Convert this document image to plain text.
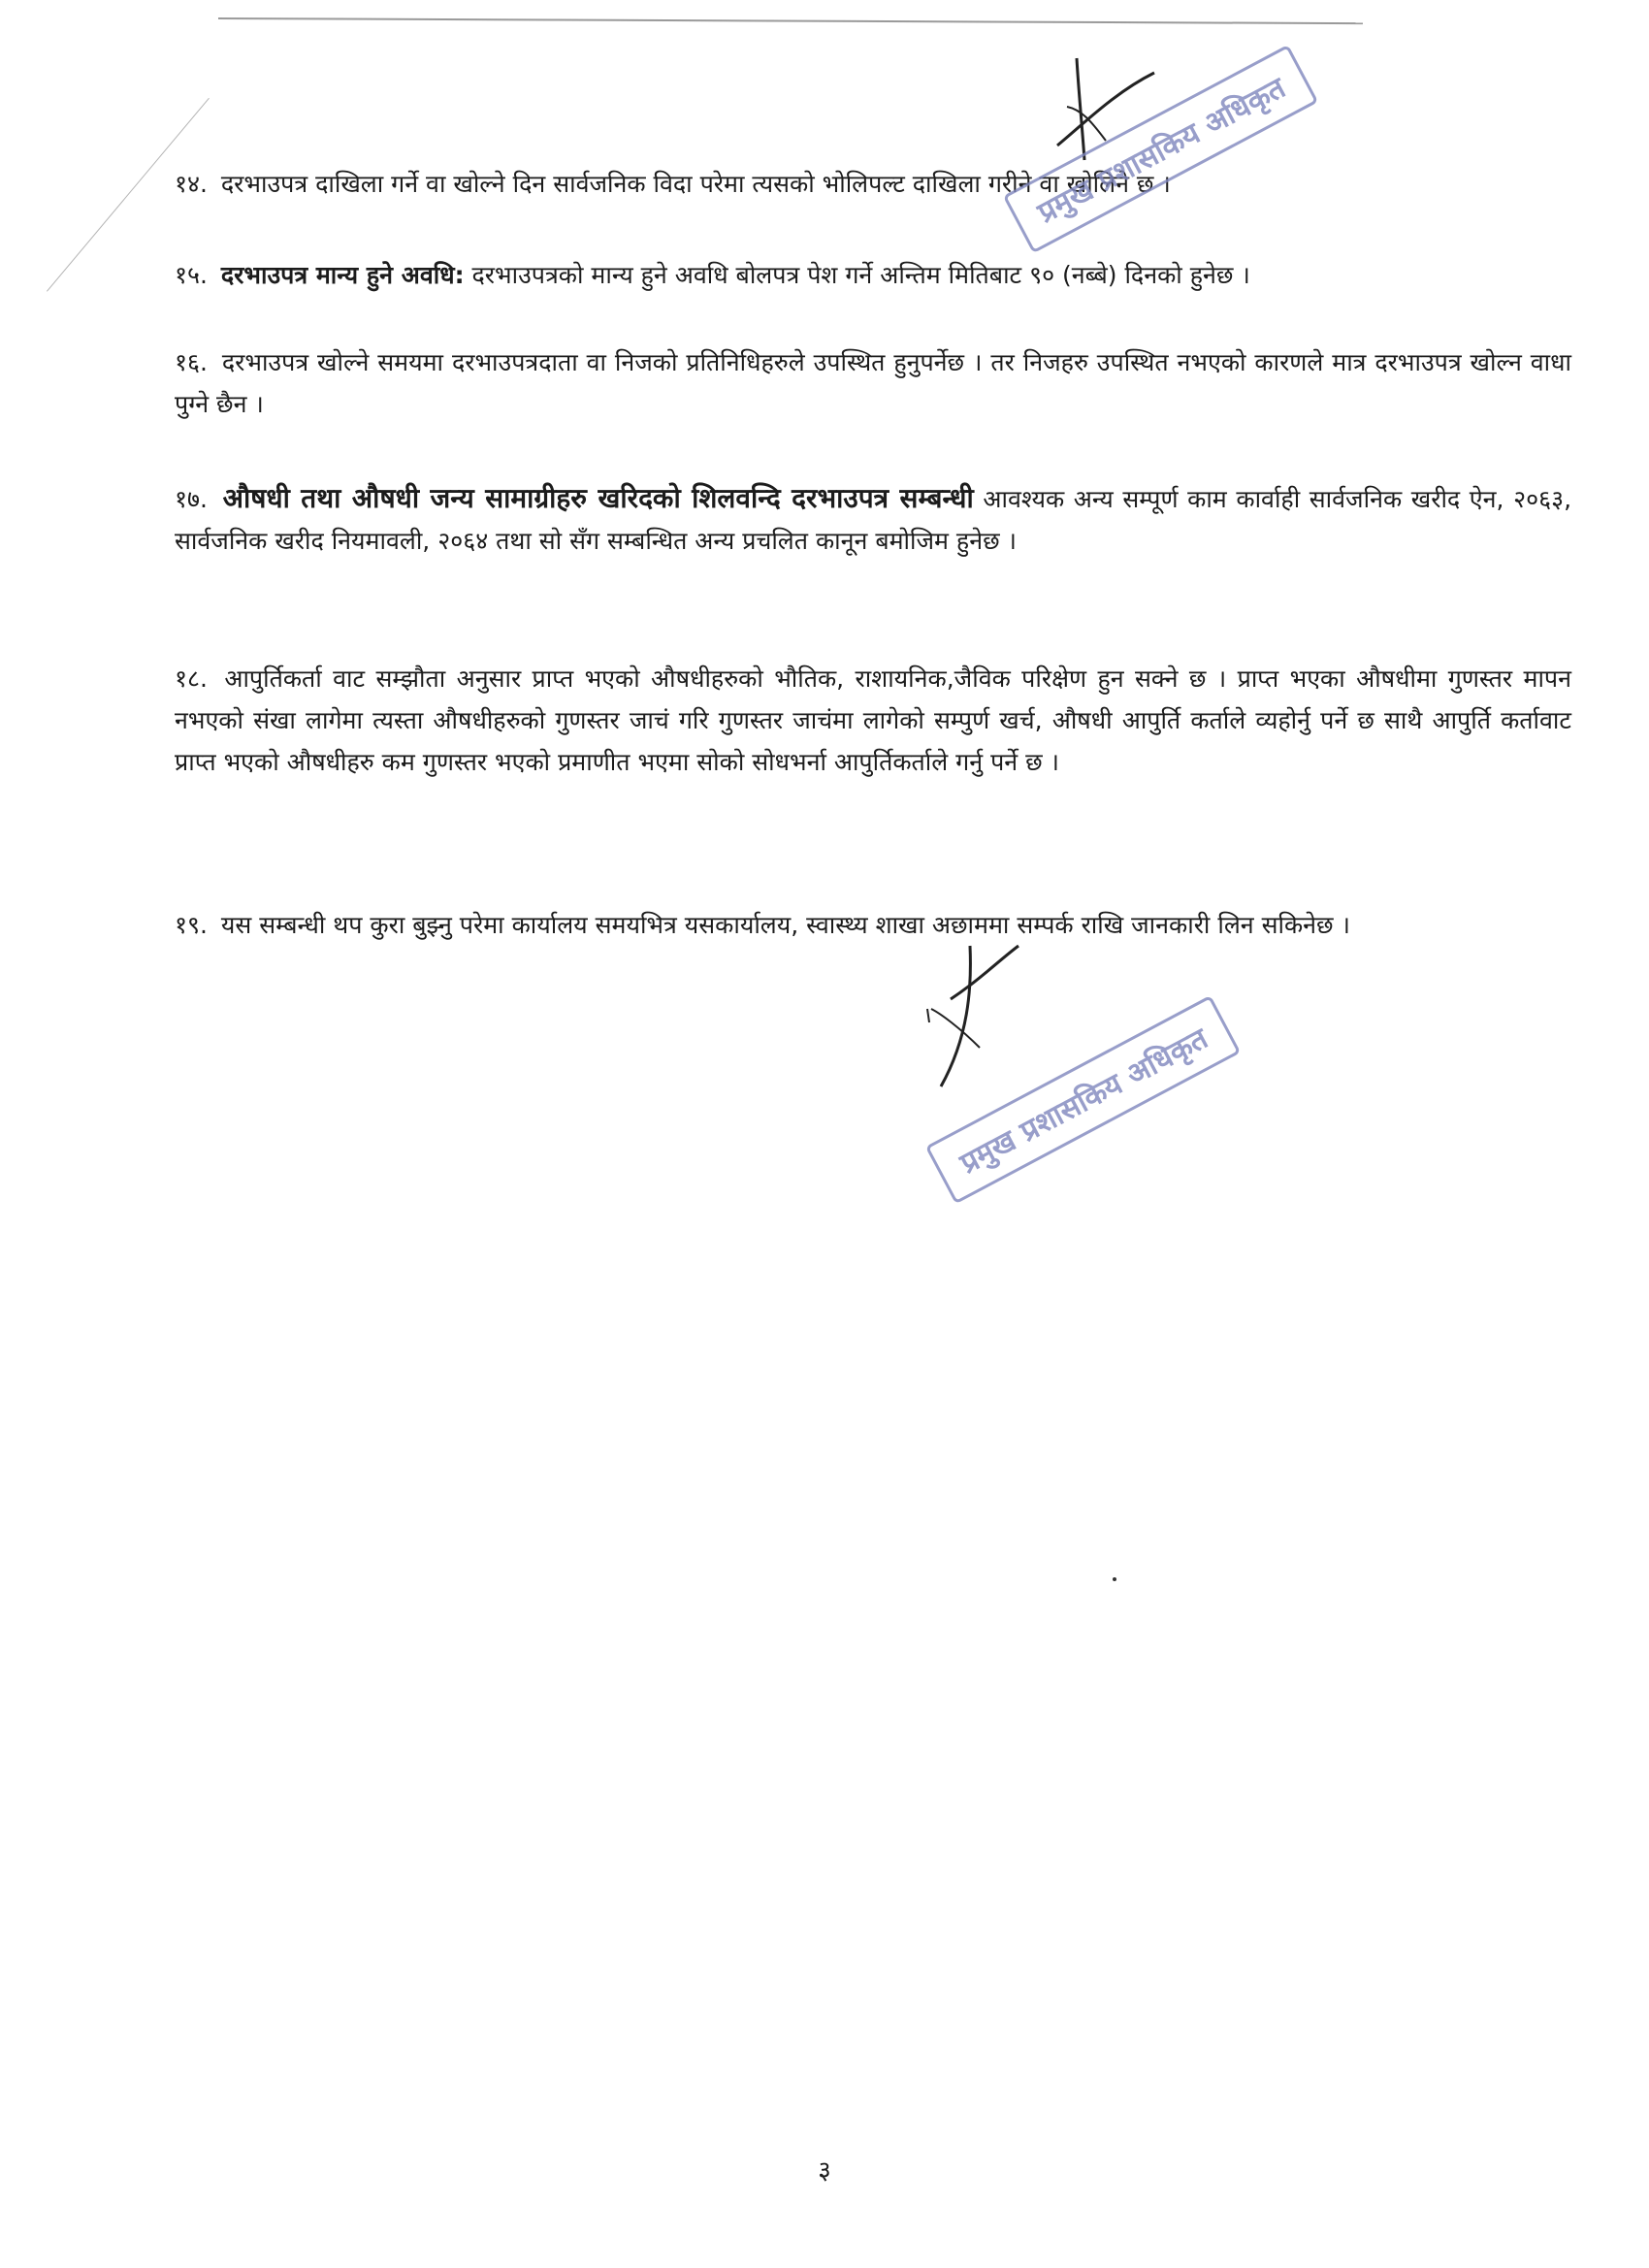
१४. दरभाउपत्र दाखिला गर्ने वा खोल्ने दिन सार्वजनिक विदा परेमा त्यसको भोलिपल्ट दाखिला गरीने वा खोलिने छ ।
१५. दरभाउपत्र मान्य हुने अवधि: दरभाउपत्रको मान्य हुने अवधि बोलपत्र पेश गर्ने अन्तिम मितिबाट ९० (नब्बे) दिनको हुनेछ ।
१६. दरभाउपत्र खोल्ने समयमा दरभाउपत्रदाता वा निजको प्रतिनिधिहरुले उपस्थित हुनुपर्नेछ । तर निजहरु उपस्थित नभएको कारणले मात्र दरभाउपत्र खोल्न वाधा पुग्ने छैन ।
१७. औषधी तथा औषधी जन्य सामाग्रीहरु खरिदको शिलवन्दि दरभाउपत्र सम्बन्धी आवश्यक अन्य सम्पूर्ण काम कार्वाही सार्वजनिक खरीद ऐन, २०६३, सार्वजनिक खरीद नियमावली, २०६४ तथा सो सँग सम्बन्धित अन्य प्रचलित कानून बमोजिम हुनेछ ।
१८. आपुर्तिकर्ता वाट सम्झौता अनुसार प्राप्त भएको औषधीहरुको भौतिक, राशायनिक,जैविक परिक्षेण हुन सक्ने छ । प्राप्त भएका औषधीमा गुणस्तर मापन नभएको संखा लागेमा त्यस्ता औषधीहरुको गुणस्तर जाचं गरि गुणस्तर जाचंमा लागेको सम्पुर्ण खर्च, औषधी आपुर्ति कर्ताले व्यहोर्नु पर्ने छ साथै आपुर्ति कर्तावाट प्राप्त भएको औषधीहरु कम गुणस्तर भएको प्रमाणीत भएमा सोको सोधभर्ना आपुर्तिकर्ताले गर्नु पर्ने छ ।
१९. यस सम्बन्धी थप कुरा बुझ्नु परेमा कार्यालय समयभित्र यसकार्यालय, स्वास्थ्य शाखा अछाममा सम्पर्क राखि जानकारी लिन सकिनेछ ।
प्रमुख प्रशासकिय अधिकृत
प्रमुख प्रशासकिय अधिकृत
३
